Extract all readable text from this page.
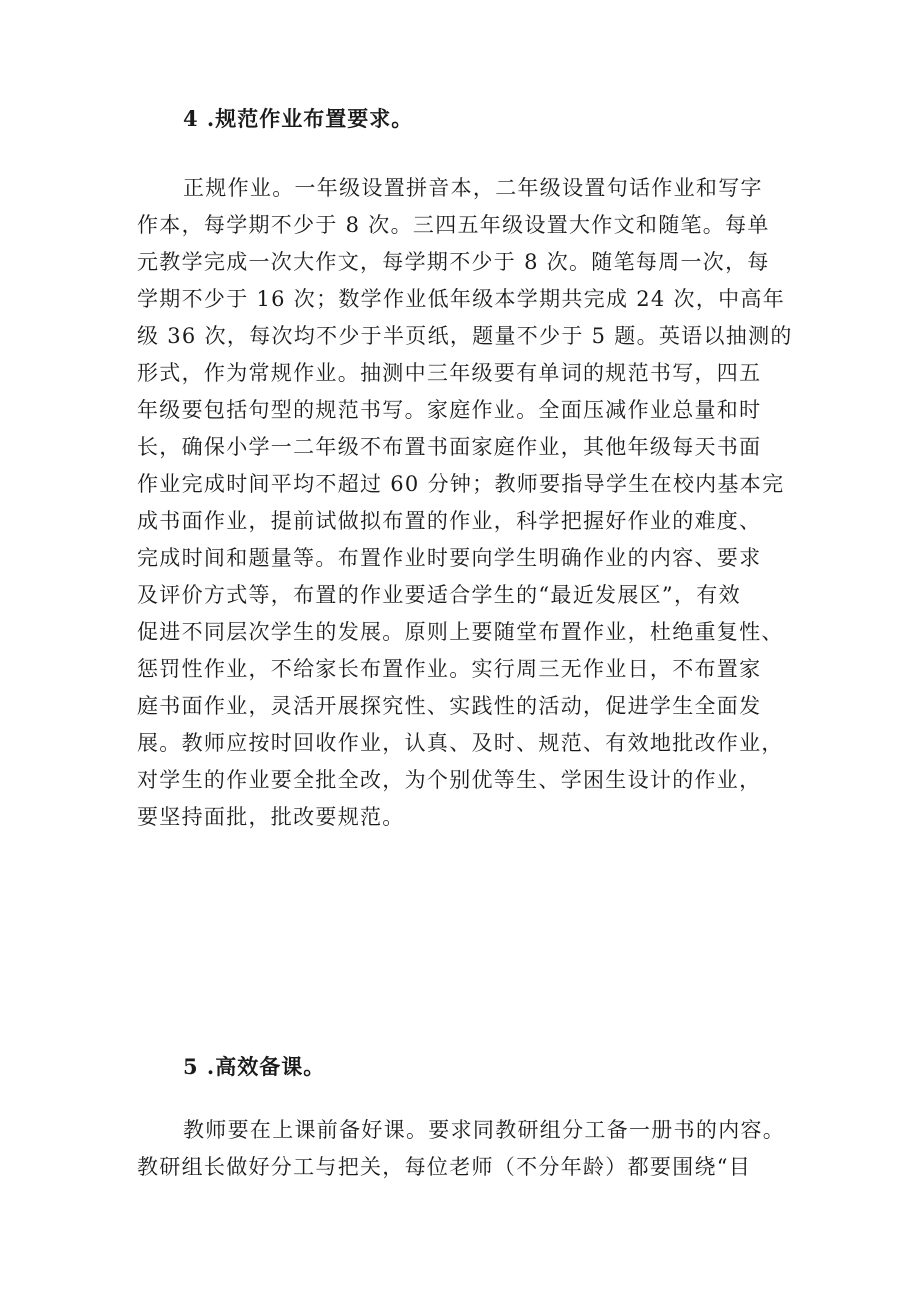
4 .规范作业布置要求。
正规作业。一年级设置拼音本，二年级设置句话作业和写字
作本，每学期不少于 8 次。三四五年级设置大作文和随笔。每单
元教学完成一次大作文，每学期不少于 8 次。随笔每周一次，每
学期不少于 16 次；数学作业低年级本学期共完成 24 次，中高年
级 36 次，每次均不少于半页纸，题量不少于 5 题。英语以抽测的
形式，作为常规作业。抽测中三年级要有单词的规范书写，四五
年级要包括句型的规范书写。家庭作业。全面压减作业总量和时
长，确保小学一二年级不布置书面家庭作业，其他年级每天书面
作业完成时间平均不超过 60 分钟；教师要指导学生在校内基本完
成书面作业，提前试做拟布置的作业，科学把握好作业的难度、
完成时间和题量等。布置作业时要向学生明确作业的内容、要求
及评价方式等，布置的作业要适合学生的“最近发展区”，有效
促进不同层次学生的发展。原则上要随堂布置作业，杜绝重复性、
惩罚性作业，不给家长布置作业。实行周三无作业日，不布置家
庭书面作业，灵活开展探究性、实践性的活动，促进学生全面发
展。教师应按时回收作业，认真、及时、规范、有效地批改作业，
对学生的作业要全批全改，为个别优等生、学困生设计的作业，
要坚持面批，批改要规范。
5 .高效备课。
教师要在上课前备好课。要求同教研组分工备一册书的内容。
教研组长做好分工与把关，每位老师（不分年龄）都要围绕“目
